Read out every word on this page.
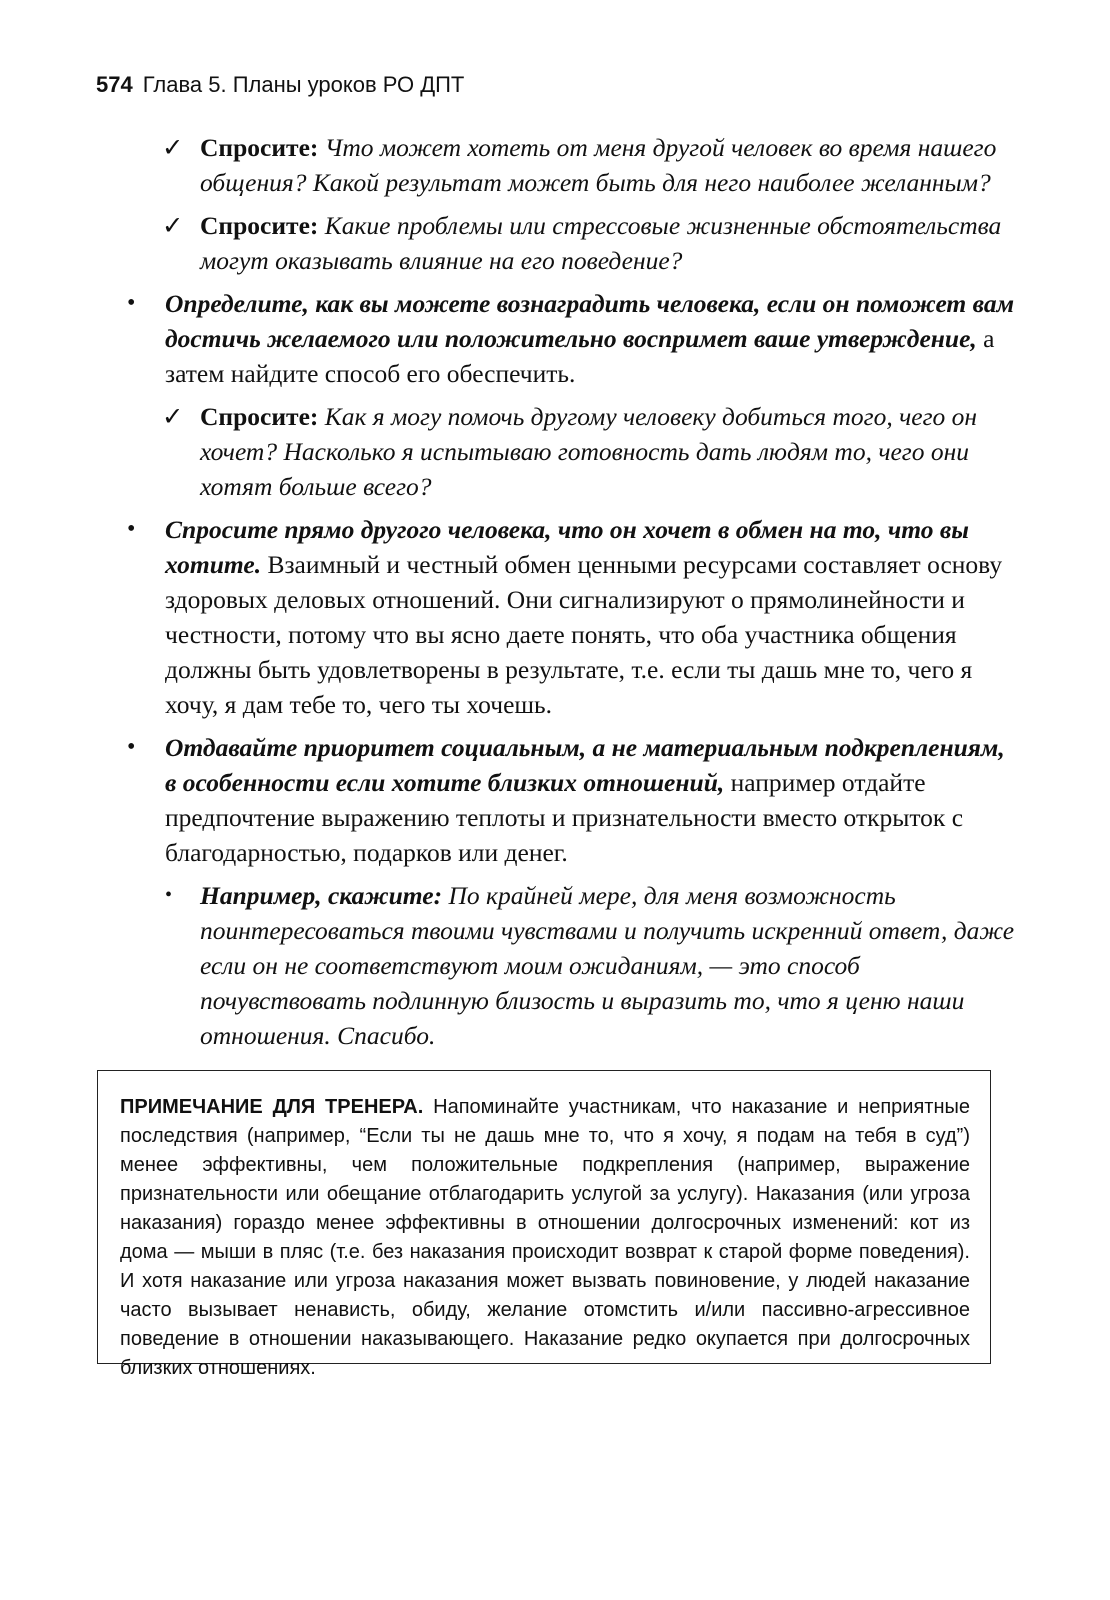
574 Глава 5. Планы уроков РО ДПТ
✓ Спросите: Что может хотеть от меня другой человек во время нашего общения? Какой результат может быть для него наиболее желанным?
✓ Спросите: Какие проблемы или стрессовые жизненные обстоятельства могут оказывать влияние на его поведение?
• Определите, как вы можете вознаградить человека, если он поможет вам достичь желаемого или положительно воспримет ваше утверждение, а затем найдите способ его обеспечить.
✓ Спросите: Как я могу помочь другому человеку добиться того, чего он хочет? Насколько я испытываю готовность дать людям то, чего они хотят больше всего?
• Спросите прямо другого человека, что он хочет в обмен на то, что вы хотите. Взаимный и честный обмен ценными ресурсами составляет основу здоровых деловых отношений. Они сигнализируют о прямолинейности и честности, потому что вы ясно даете понять, что оба участника общения должны быть удовлетворены в результате, т.е. если ты дашь мне то, чего я хочу, я дам тебе то, чего ты хочешь.
• Отдавайте приоритет социальным, а не материальным подкреплениям, в особенности если хотите близких отношений, например отдайте предпочтение выражению теплоты и признательности вместо открыток с благодарностью, подарков или денег.
• Например, скажите: По крайней мере, для меня возможность поинтересоваться твоими чувствами и получить искренний ответ, даже если он не соответствуют моим ожиданиям, — это способ почувствовать подлинную близость и выразить то, что я ценю наши отношения. Спасибо.
ПРИМЕЧАНИЕ ДЛЯ ТРЕНЕРА. Напоминайте участникам, что наказание и неприятные последствия (например, “Если ты не дашь мне то, что я хочу, я подам на тебя в суд”) менее эффективны, чем положительные подкрепления (например, выражение признательности или обещание отблагодарить услугой за услугу). Наказания (или угроза наказания) гораздо менее эффективны в отношении долгосрочных изменений: кот из дома — мыши в пляс (т.е. без наказания происходит возврат к старой форме поведения). И хотя наказание или угроза наказания может вызвать повиновение, у людей наказание часто вызывает ненависть, обиду, желание отомстить и/или пассивно-агрессивное поведение в отношении наказывающего. Наказание редко окупается при долгосрочных близких отношениях.
